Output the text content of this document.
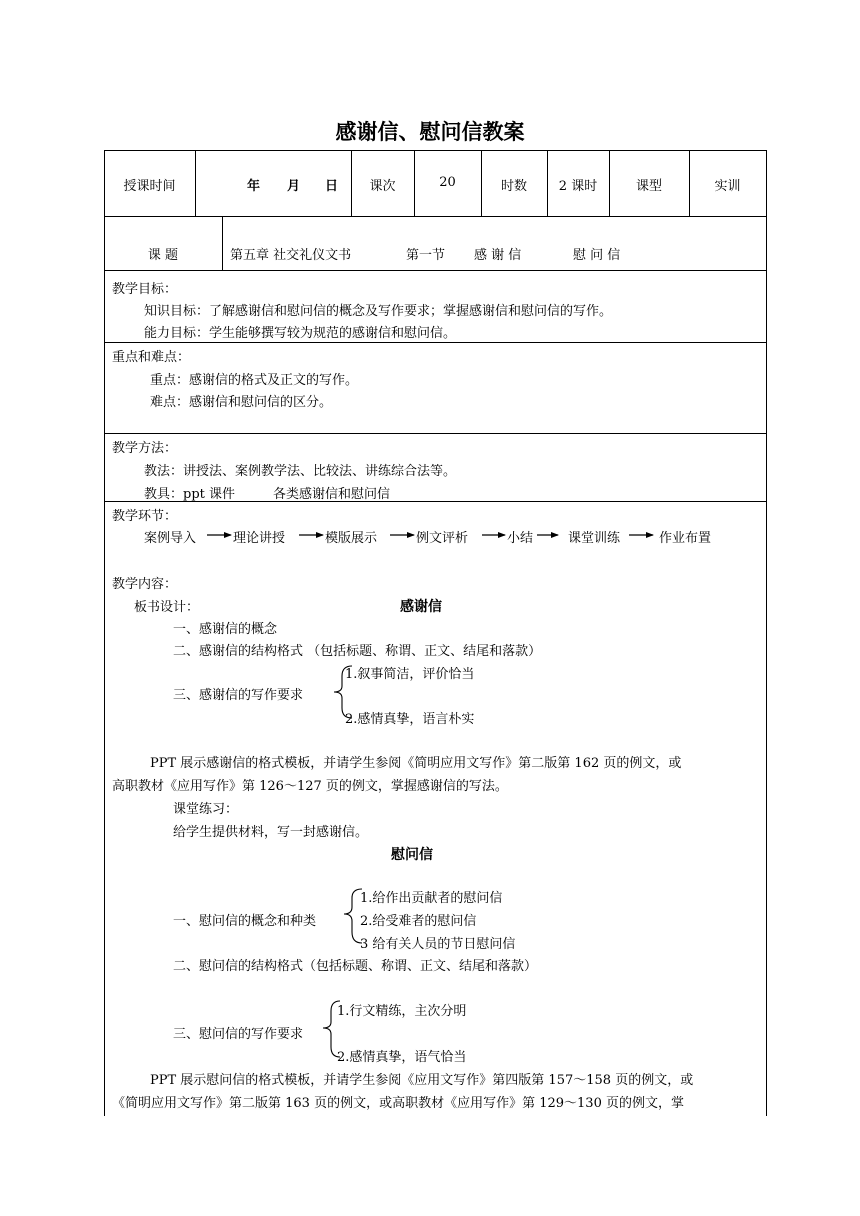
感谢信、慰问信教案
授课时间	年 月 日	课次	20	时数	2 课时	课型	实训
课 题	第五章 社交礼仪文书	第一节 感 谢 信	慰 问 信
教学目标：
知识目标：了解感谢信和慰问信的概念及写作要求；掌握感谢信和慰问信的写作。
能力目标：学生能够撰写较为规范的感谢信和慰问信。
重点和难点：
重点：感谢信的格式及正文的写作。
难点：感谢信和慰问信的区分。
教学方法：
教法：讲授法、案例教学法、比较法、讲练综合法等。
教具：ppt 课件	各类感谢信和慰问信
教学环节：
案例导入	理论讲授	模版展示	例文评析	小结	课堂训练	作业布置
教学内容：
板书设计：	感谢信
一、感谢信的概念
二、感谢信的结构格式 （包括标题、称谓、正文、结尾和落款）
三、感谢信的写作要求
1.叙事简洁，评价恰当
2.感情真挚，语言朴实
PPT 展示感谢信的格式模板，并请学生参阅《简明应用文写作》第二版第 162 页的例文，或
高职教材《应用写作》第 126～127 页的例文，掌握感谢信的写法。
课堂练习：
给学生提供材料，写一封感谢信。
慰问信
一、慰问信的概念和种类
1.给作出贡献者的慰问信
2.给受难者的慰问信
3 给有关人员的节日慰问信
二、慰问信的结构格式（包括标题、称谓、正文、结尾和落款）
三、慰问信的写作要求
1.行文精练，主次分明
2.感情真挚，语气恰当
PPT 展示慰问信的格式模板，并请学生参阅《应用文写作》第四版第 157～158 页的例文，或
《简明应用文写作》第二版第 163 页的例文，或高职教材《应用写作》第 129～130 页的例文，掌
